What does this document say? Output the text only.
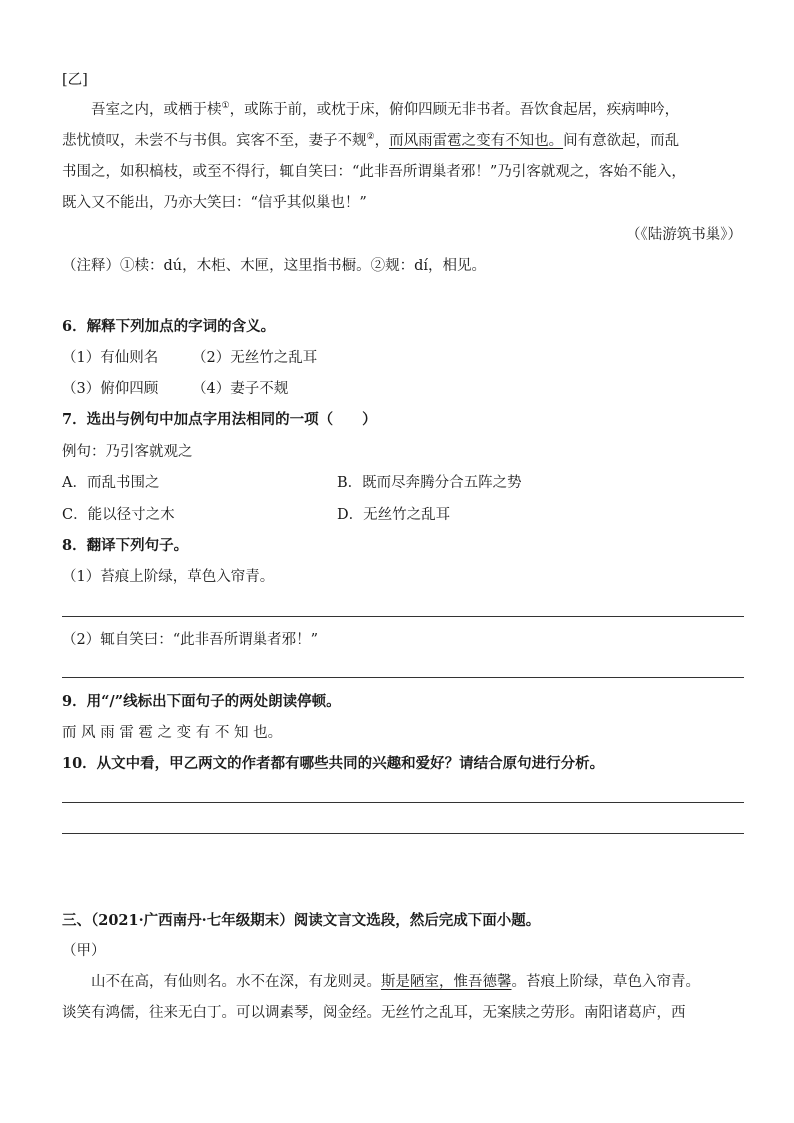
[乙]
吾室之内，或栖于椟①，或陈于前，或枕于床，俯仰四顾无非书者。吾饮食起居，疾病呻吟，
悲忧愤叹，未尝不与书俱。宾客不至，妻子不觌②，而风雨雷雹之变有不知也。间有意欲起，而乱
书围之，如积槁枝，或至不得行，辄自笑曰：“此非吾所谓巢者邪！”乃引客就观之，客始不能入，
既入又不能出，乃亦大笑曰：“信乎其似巢也！”
（《陆游筑书巢》）
（注释）①椟：dú，木柜、木匣，这里指书橱。②觌：dí，相见。
6．解释下列加点的字词的含义。
（1）有仙则名 （2）无丝竹之乱耳
（3）俯仰四顾 （4）妻子不觌
7．选出与例句中加点字用法相同的一项（　　）
例句：乃引客就观之
A．而乱书围之	B．既而尽奔腾分合五阵之势
C．能以径寸之木	D．无丝竹之乱耳
8．翻译下列句子。
（1）苔痕上阶绿，草色入帘青。
（2）辄自笑曰：“此非吾所谓巢者邪！”
9．用“/”线标出下面句子的两处朗读停顿。
而 风 雨 雷 雹 之 变 有 不 知 也。
10．从文中看，甲乙两文的作者都有哪些共同的兴趣和爱好？请结合原句进行分析。
三、（2021·广西南丹·七年级期末）阅读文言文选段，然后完成下面小题。
（甲）
山不在高，有仙则名。水不在深，有龙则灵。斯是陋室，惟吾德馨。苔痕上阶绿，草色入帘青。
谈笑有鸿儒，往来无白丁。可以调素琴，阅金经。无丝竹之乱耳，无案牍之劳形。南阳诸葛庐，西
